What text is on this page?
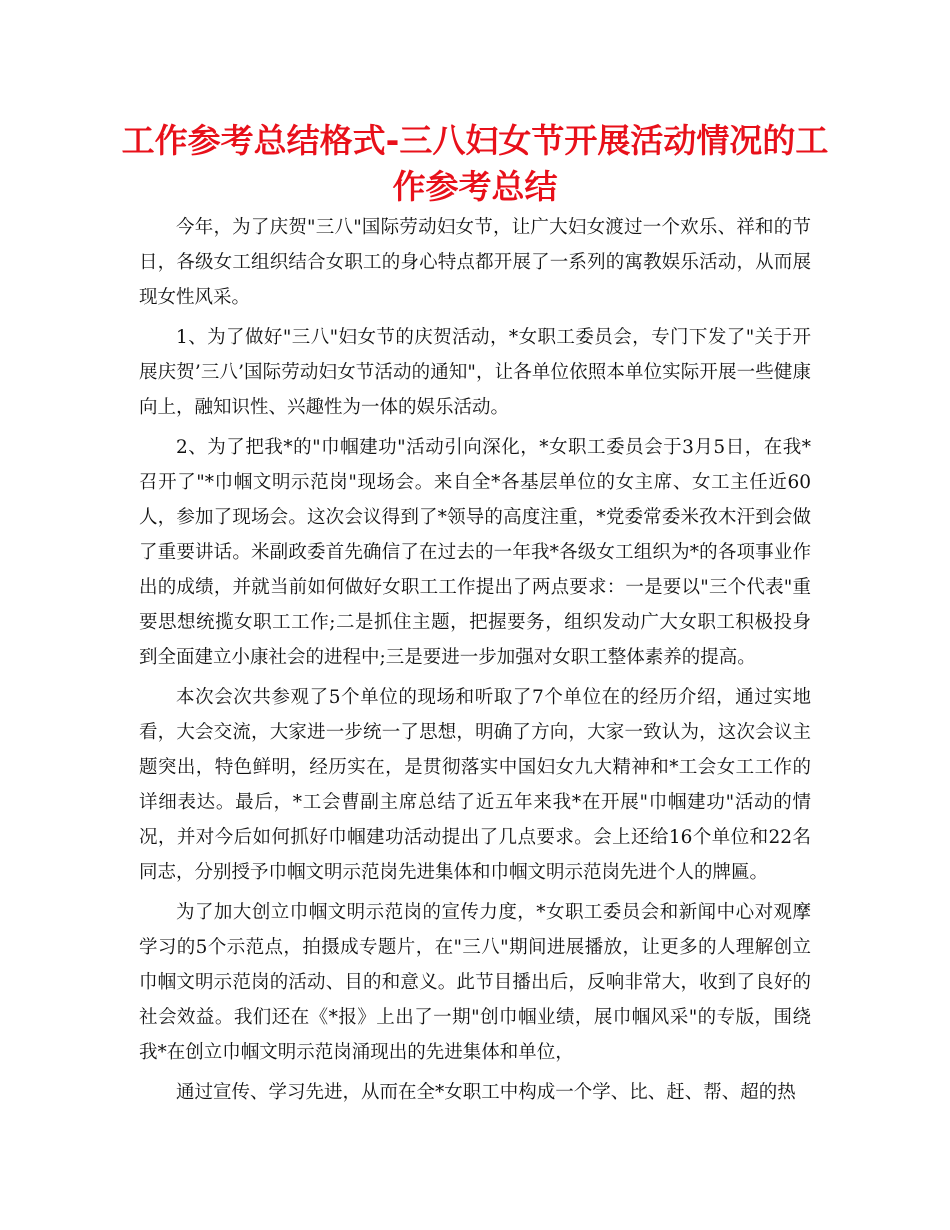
工作参考总结格式-三八妇女节开展活动情况的工作参考总结

今年，为了庆贺"三八"国际劳动妇女节，让广大妇女渡过一个欢乐、祥和的节日，各级女工组织结合女职工的身心特点都开展了一系列的寓教娱乐活动，从而展现女性风采。

1、为了做好"三八"妇女节的庆贺活动，*女职工委员会，专门下发了"关于开展庆贺’三八’国际劳动妇女节活动的通知"，让各单位依照本单位实际开展一些健康向上，融知识性、兴趣性为一体的娱乐活动。

2、为了把我*的"巾帼建功"活动引向深化，*女职工委员会于3月5日，在我*召开了"*巾帼文明示范岗"现场会。来自全*各基层单位的女主席、女工主任近60人，参加了现场会。这次会议得到了*领导的高度注重，*党委常委米孜木汗到会做了重要讲话。米副政委首先确信了在过去的一年我*各级女工组织为*的各项事业作出的成绩，并就当前如何做好女职工工作提出了两点要求：一是要以"三个代表"重要思想统揽女职工工作;二是抓住主题，把握要务，组织发动广大女职工积极投身到全面建立小康社会的进程中;三是要进一步加强对女职工整体素养的提高。

本次会次共参观了5个单位的现场和听取了7个单位在的经历介绍，通过实地看，大会交流，大家进一步统一了思想，明确了方向，大家一致认为，这次会议主题突出，特色鲜明，经历实在，是贯彻落实中国妇女九大精神和*工会女工工作的详细表达。最后，*工会曹副主席总结了近五年来我*在开展"巾帼建功"活动的情况，并对今后如何抓好巾帼建功活动提出了几点要求。会上还给16个单位和22名同志，分别授予巾帼文明示范岗先进集体和巾帼文明示范岗先进个人的牌匾。

为了加大创立巾帼文明示范岗的宣传力度，*女职工委员会和新闻中心对观摩学习的5个示范点，拍摄成专题片，在"三八"期间进展播放，让更多的人理解创立巾帼文明示范岗的活动、目的和意义。此节目播出后，反响非常大，收到了良好的社会效益。我们还在《*报》上出了一期"创巾帼业绩，展巾帼风采"的专版，围绕我*在创立巾帼文明示范岗涌现出的先进集体和单位，

通过宣传、学习先进，从而在全*女职工中构成一个学、比、赶、帮、超的热
